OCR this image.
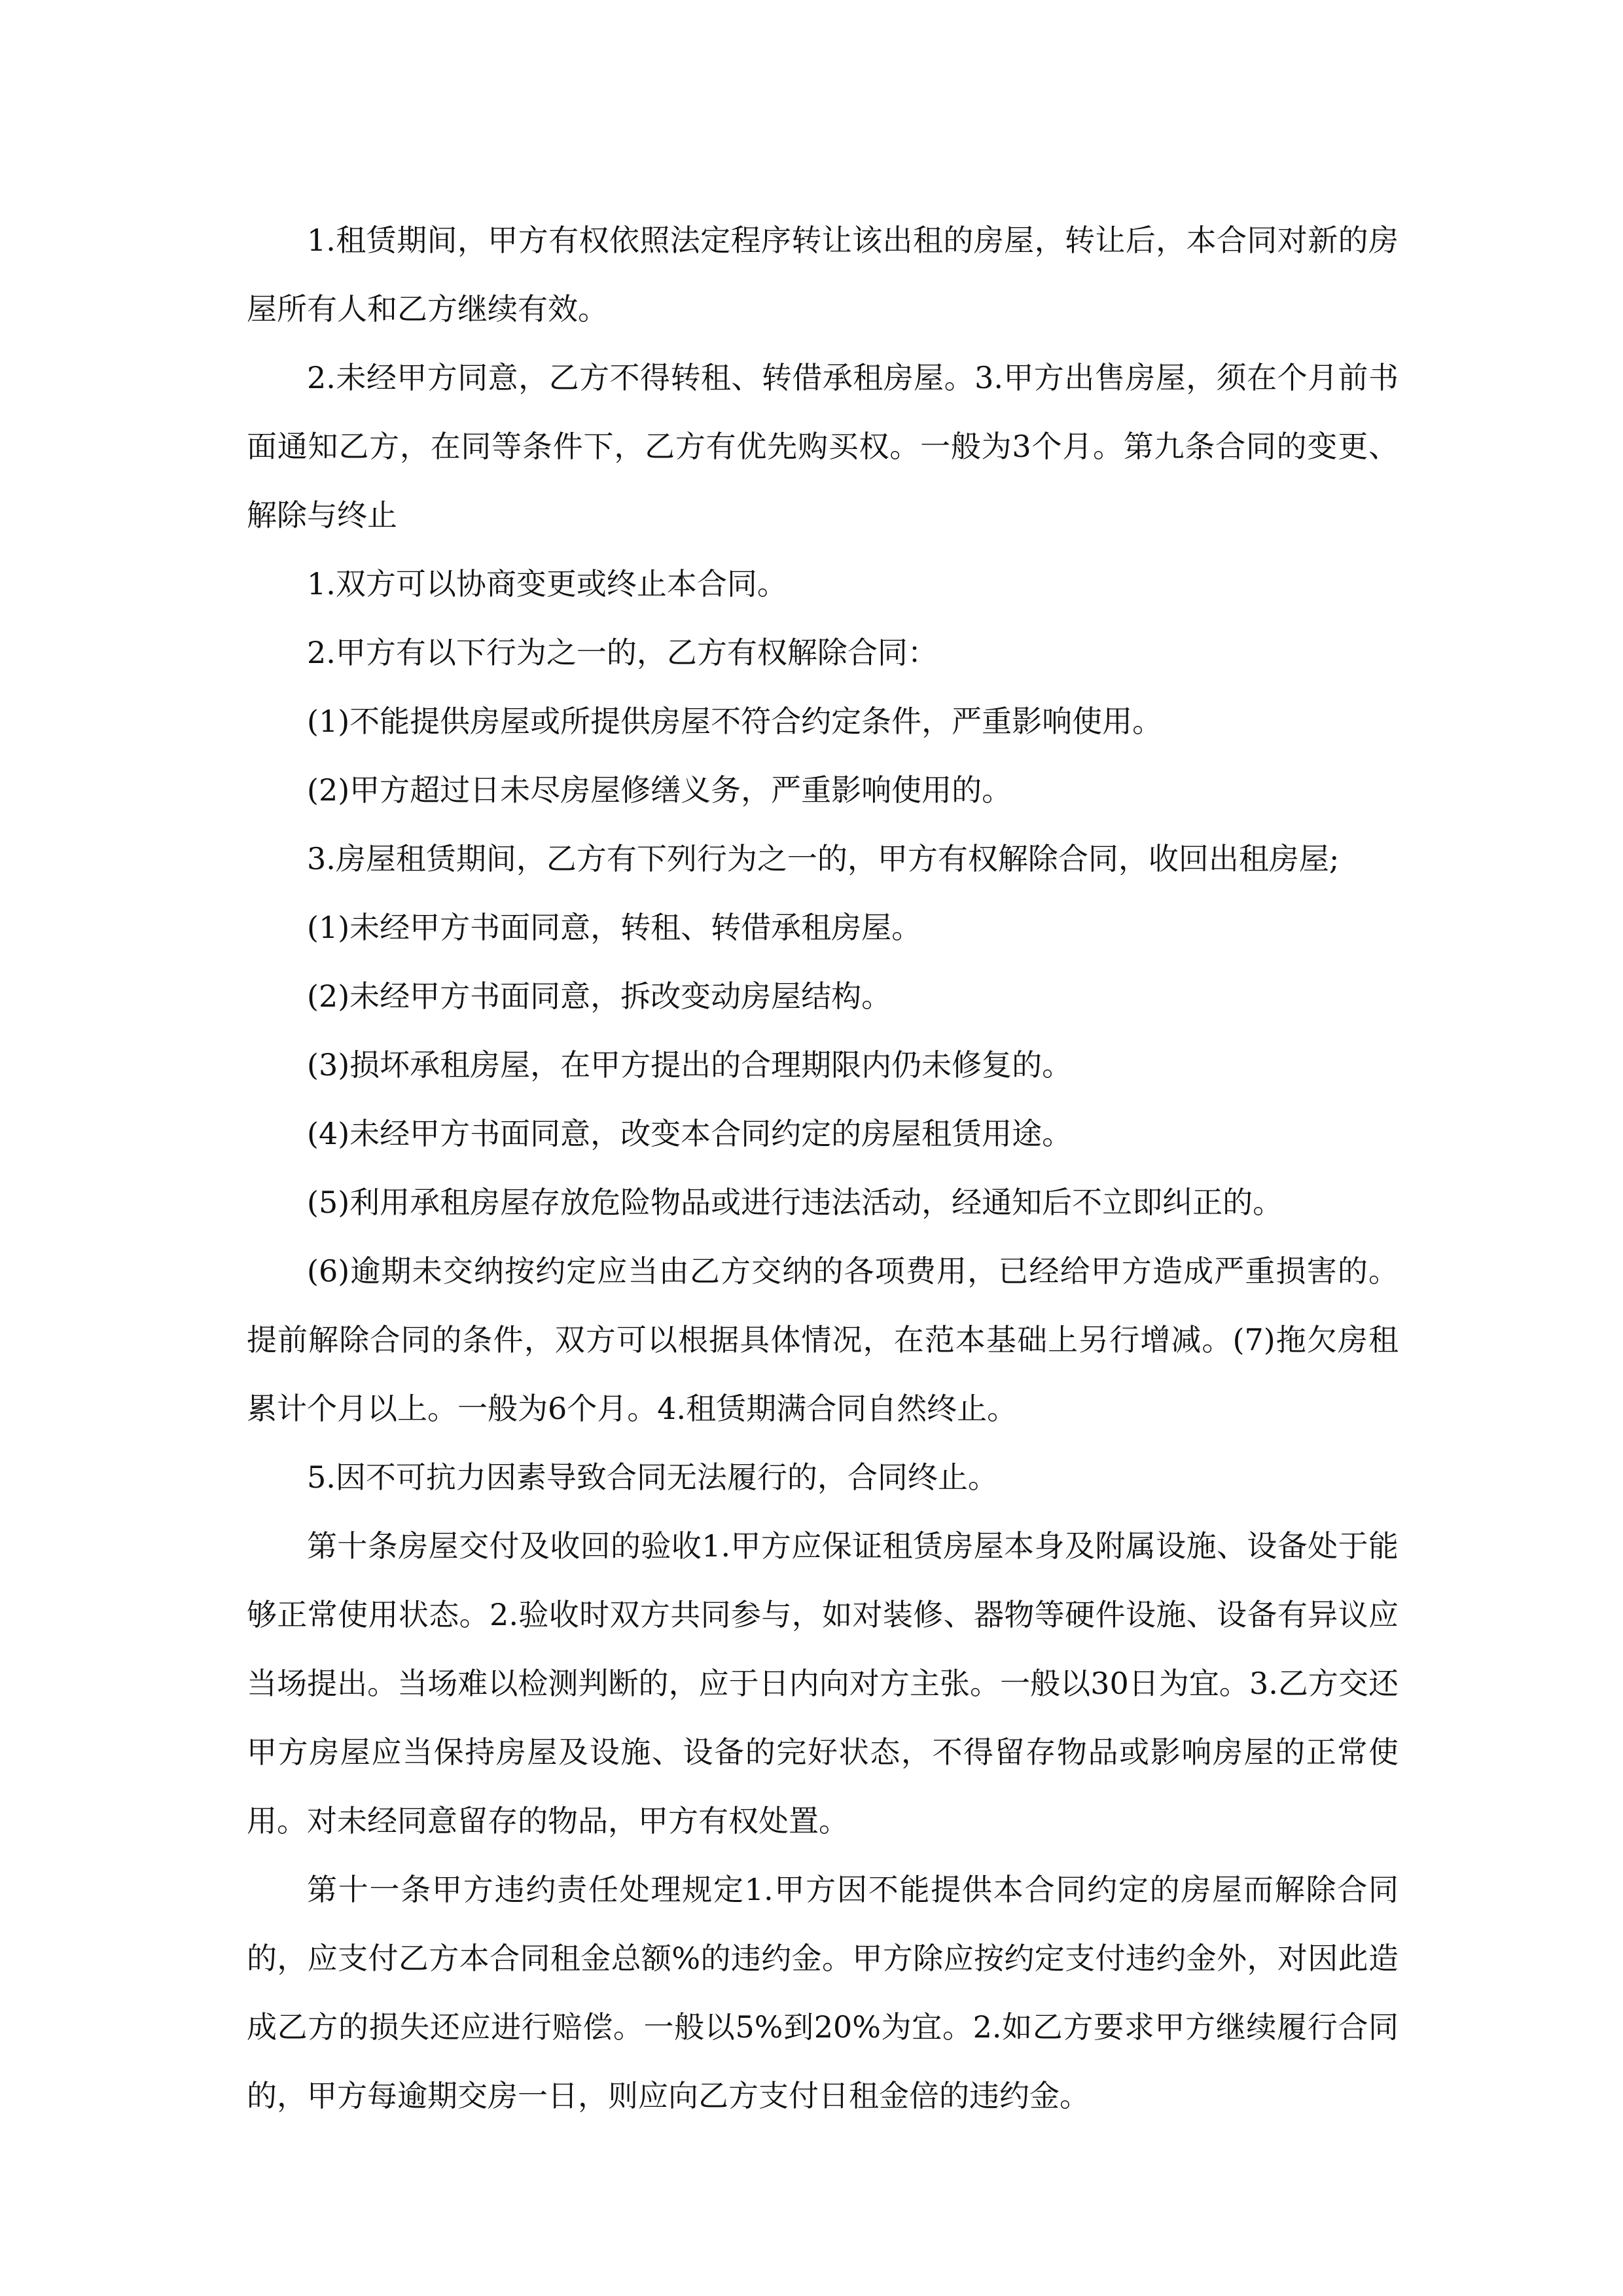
1.租赁期间，甲方有权依照法定程序转让该出租的房屋，转让后，本合同对新的房屋所有人和乙方继续有效。

2.未经甲方同意，乙方不得转租、转借承租房屋。3.甲方出售房屋，须在个月前书面通知乙方，在同等条件下，乙方有优先购买权。一般为3个月。第九条合同的变更、解除与终止

1.双方可以协商变更或终止本合同。

2.甲方有以下行为之一的，乙方有权解除合同：

(1)不能提供房屋或所提供房屋不符合约定条件，严重影响使用。

(2)甲方超过日未尽房屋修缮义务，严重影响使用的。

3.房屋租赁期间，乙方有下列行为之一的，甲方有权解除合同，收回出租房屋;

(1)未经甲方书面同意，转租、转借承租房屋。

(2)未经甲方书面同意，拆改变动房屋结构。

(3)损坏承租房屋，在甲方提出的合理期限内仍未修复的。

(4)未经甲方书面同意，改变本合同约定的房屋租赁用途。

(5)利用承租房屋存放危险物品或进行违法活动，经通知后不立即纠正的。

(6)逾期未交纳按约定应当由乙方交纳的各项费用，已经给甲方造成严重损害的。提前解除合同的条件，双方可以根据具体情况，在范本基础上另行增减。(7)拖欠房租累计个月以上。一般为6个月。4.租赁期满合同自然终止。

5.因不可抗力因素导致合同无法履行的，合同终止。

第十条房屋交付及收回的验收1.甲方应保证租赁房屋本身及附属设施、设备处于能够正常使用状态。2.验收时双方共同参与，如对装修、器物等硬件设施、设备有异议应当场提出。当场难以检测判断的，应于日内向对方主张。一般以30日为宜。3.乙方交还甲方房屋应当保持房屋及设施、设备的完好状态，不得留存物品或影响房屋的正常使用。对未经同意留存的物品，甲方有权处置。

第十一条甲方违约责任处理规定1.甲方因不能提供本合同约定的房屋而解除合同的，应支付乙方本合同租金总额%的违约金。甲方除应按约定支付违约金外，对因此造成乙方的损失还应进行赔偿。一般以5%到20%为宜。2.如乙方要求甲方继续履行合同的，甲方每逾期交房一日，则应向乙方支付日租金倍的违约金。
